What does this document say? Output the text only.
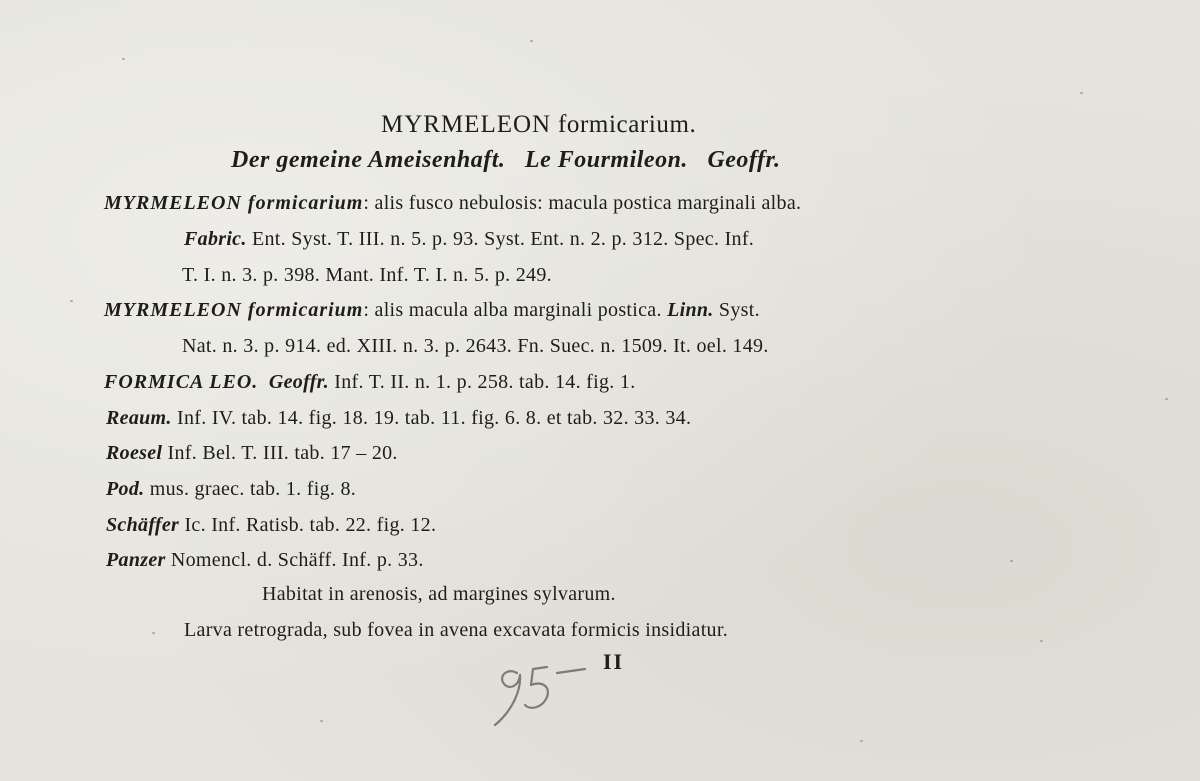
MYRMELEON formicarium.
Der gemeine Ameisenhaft. Le Fourmileon. Geoffr.
MYRMELEON formicarium: alis fusco nebulosis: macula postica marginali alba.
Fabric. Ent. Syst. T. III. n. 5. p. 93. Syst. Ent. n. 2. p. 312. Spec. Inf.
T. I. n. 3. p. 398. Mant. Inf. T. I. n. 5. p. 249.
MYRMELEON formicarium: alis macula alba marginali postica. Linn. Syst.
Nat. n. 3. p. 914. ed. XIII. n. 3. p. 2643. Fn. Suec. n. 1509. It. oel. 149.
FORMICA LEO. Geoffr. Inf. T. II. n. 1. p. 258. tab. 14. fig. 1.
Reaum. Inf. IV. tab. 14. fig. 18. 19. tab. 11. fig. 6. 8. et tab. 32. 33. 34.
Roesel Inf. Bel. T. III. tab. 17 – 20.
Pod. mus. graec. tab. 1. fig. 8.
Schäffer Ic. Inf. Ratisb. tab. 22. fig. 12.
Panzer Nomencl. d. Schäff. Inf. p. 33.
Habitat in arenosis, ad margines sylvarum.
Larva retrograda, sub fovea in avena excavata formicis insidiatur.
II
95
